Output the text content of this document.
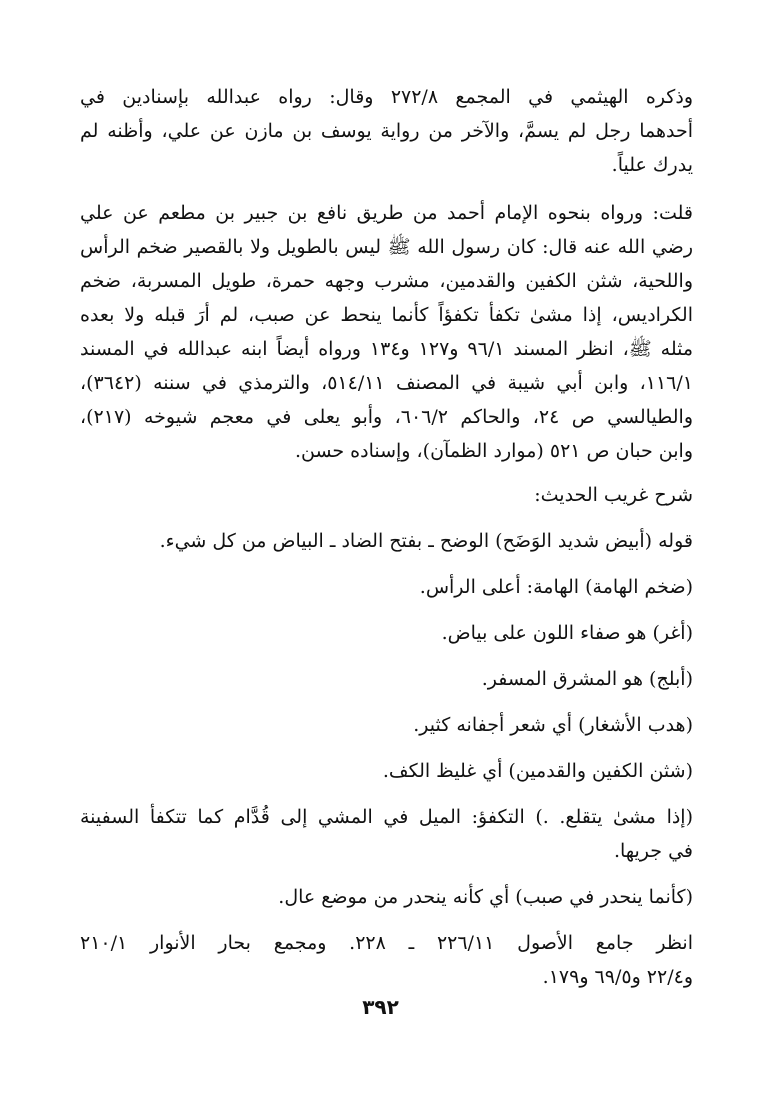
وذكره الهيثمي في المجمع ٢٧٢/٨ وقال: رواه عبدالله بإسنادين في
أحدهما رجل لم يسمَّ، والآخر من رواية يوسف بن مازن عن علي، وأظنه لم
يدرك علياً.

قلت: ورواه بنحوه الإمام أحمد من طريق نافع بن جبير بن مطعم عن علي
رضي الله عنه قال: كان رسول الله ﷺ ليس بالطويل ولا بالقصير ضخم الرأس
واللحية، شثن الكفين والقدمين، مشرب وجهه حمرة، طويل المسربة، ضخم
الكراديس، إذا مشىٰ تكفأ تكفؤاً كأنما ينحط عن صبب، لم أرَ قبله ولا بعده
مثله ﷺ، انظر المسند ٩٦/١ و١٢٧ و١٣٤ ورواه أيضاً ابنه عبدالله في المسند
١١٦/١، وابن أبي شيبة في المصنف ٥١٤/١١، والترمذي في سننه (٣٦٤٢)،
والطيالسي ص ٢٤، والحاكم ٦٠٦/٢، وأبو يعلى في معجم شيوخه (٢١٧)،
وابن حبان ص ٥٢١ (موارد الظمآن)، وإسناده حسن.

شرح غريب الحديث:

قوله (أبيض شديد الوَضَح) الوضح ـ بفتح الضاد ـ البياض من كل شيء.
(ضخم الهامة) الهامة: أعلى الرأس.
(أغر) هو صفاء اللون على بياض.
(أبلج) هو المشرق المسفر.
(هدب الأشغار) أي شعر أجفانه كثير.
(شثن الكفين والقدمين) أي غليظ الكف.
(إذا مشىٰ يتقلع. .) التكفؤ: الميل في المشي إلى قُدَّام كما تتكفأ السفينة
في جريها.
(كأنما ينحدر في صبب) أي كأنه ينحدر من موضع عال.

انظر جامع الأصول ٢٢٦/١١ ـ ٢٢٨. ومجمع بحار الأنوار ٢١٠/١
و٢٢/٤ و٦٩/٥ و١٧٩.

٣٩٢
